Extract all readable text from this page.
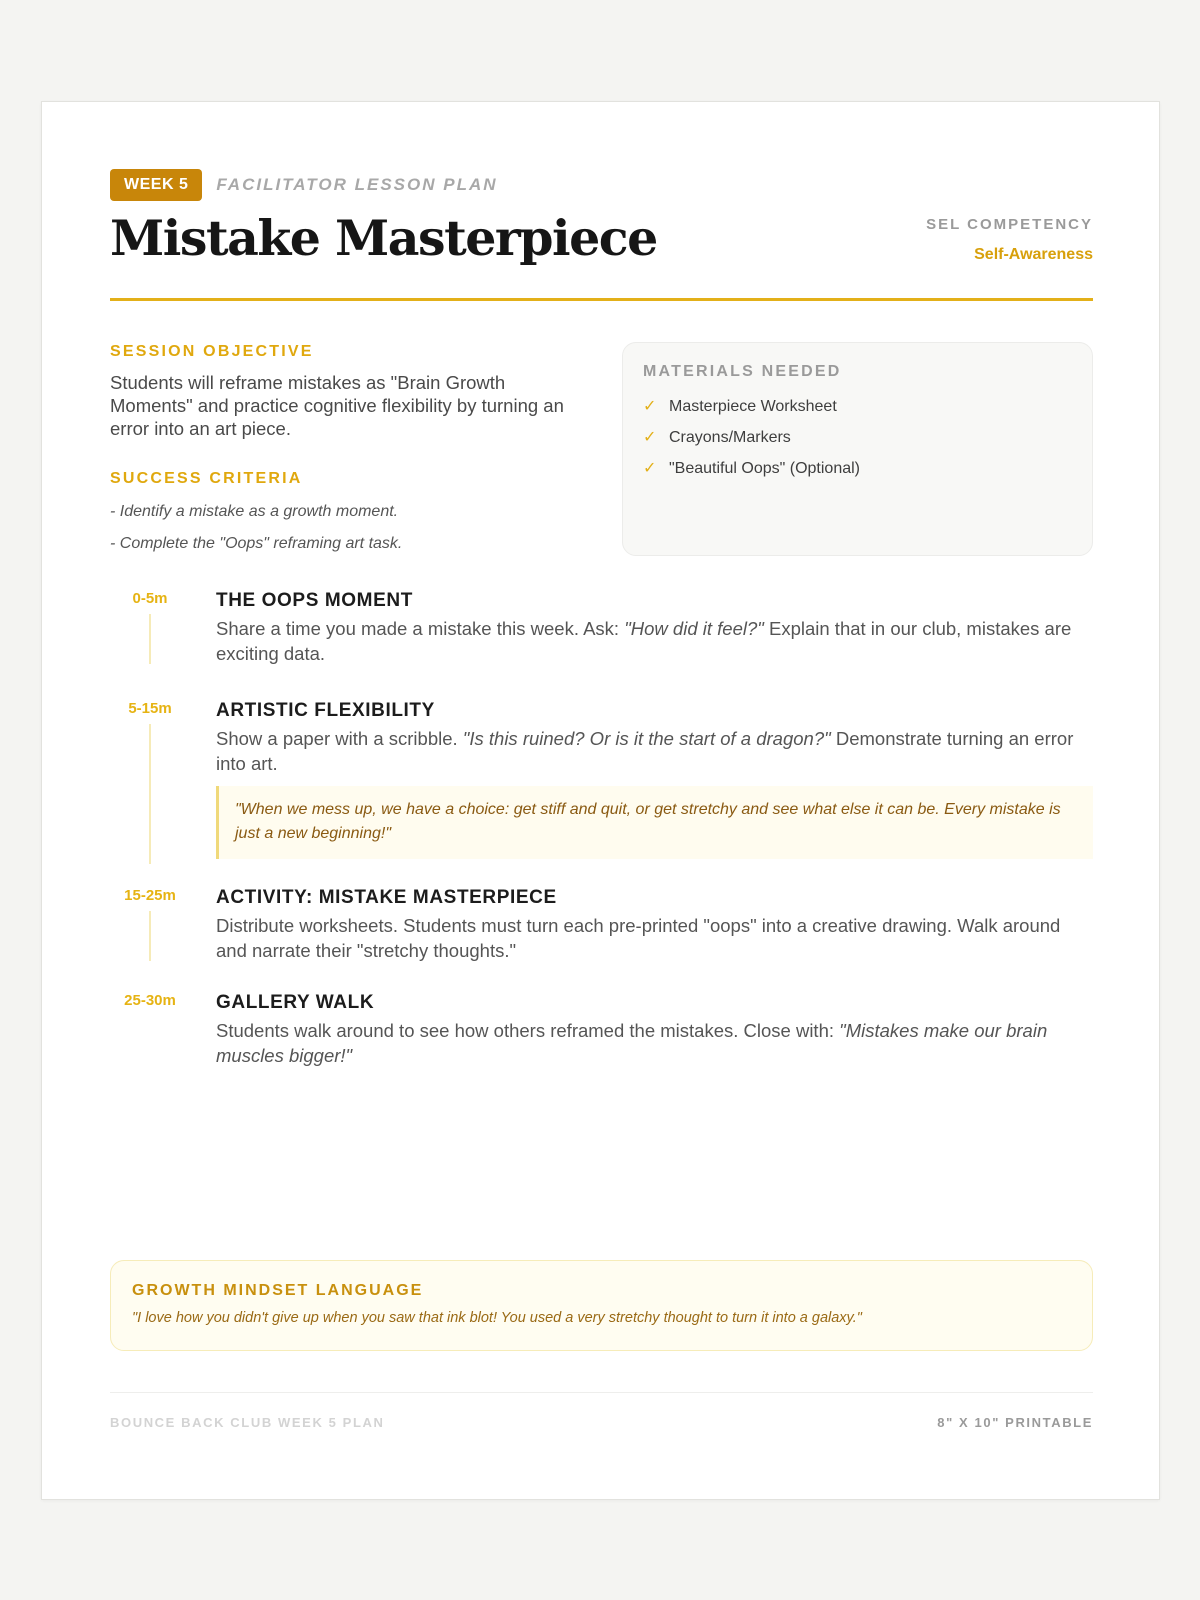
WEEK 5	FACILITATOR LESSON PLAN
Mistake Masterpiece	SEL COMPETENCY
Self-Awareness
SESSION OBJECTIVE

Students will reframe mistakes as "Brain Growth Moments" and practice cognitive flexibility by turning an error into an art piece.

SUCCESS CRITERIA
- Identify a mistake as a growth moment.
- Complete the "Oops" reframing art task.
MATERIALS NEEDED
✓ Masterpiece Worksheet
✓ Crayons/Markers
✓ "Beautiful Oops" (Optional)
0-5m	THE OOPS MOMENT

Share a time you made a mistake this week. Ask: "How did it feel?" Explain that in our club, mistakes are exciting data.

5-15m	ARTISTIC FLEXIBILITY

Show a paper with a scribble. "Is this ruined? Or is it the start of a dragon?" Demonstrate turning an error into art.

"When we mess up, we have a choice: get stiff and quit, or get stretchy and see what else it can be. Every mistake is just a new beginning!"
15-25m	ACTIVITY: MISTAKE MASTERPIECE

Distribute worksheets. Students must turn each pre-printed "oops" into a creative drawing. Walk around and narrate their "stretchy thoughts."

25-30m	GALLERY WALK

Students walk around to see how others reframed the mistakes. Close with: "Mistakes make our brain muscles bigger!"

GROWTH MINDSET LANGUAGE
"I love how you didn't give up when you saw that ink blot! You used a very stretchy thought to turn it into a galaxy."
BOUNCE BACK CLUB WEEK 5 PLAN	8" X 10" PRINTABLE
